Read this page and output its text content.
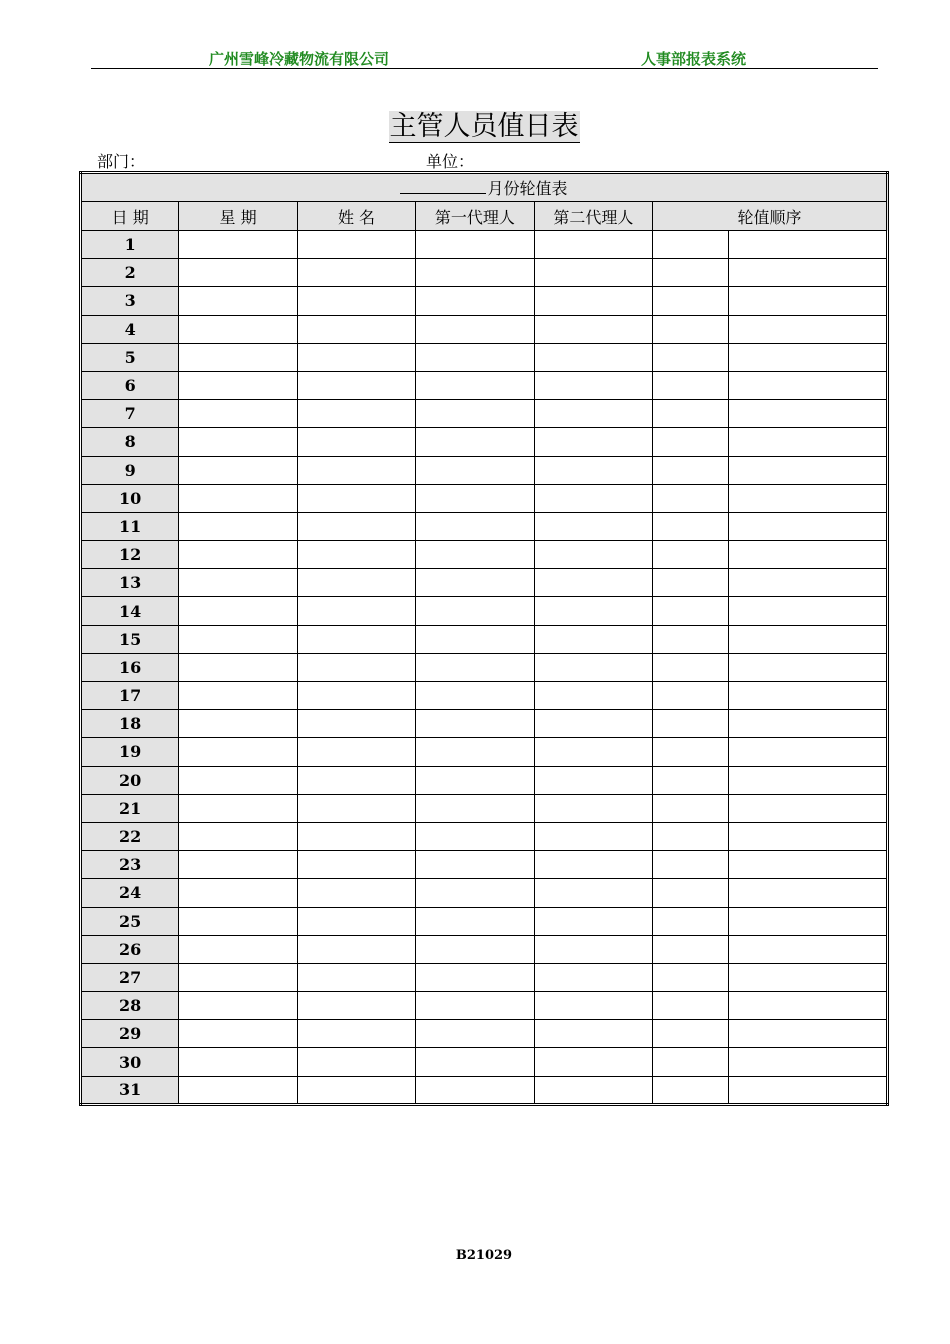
广州雪峰冷藏物流有限公司	人事部报表系统
主管人员值日表
部门：	单位：
月份轮值表						
日 期	星 期	姓 名	第一代理人	第二代理人	轮值顺序	
1						
2						
3						
4						
5						
6						
7						
8						
9						
10						
11						
12						
13						
14						
15						
16						
17						
18						
19						
20						
21						
22						
23						
24						
25						
26						
27						
28						
29						
30						
31						
B21029
